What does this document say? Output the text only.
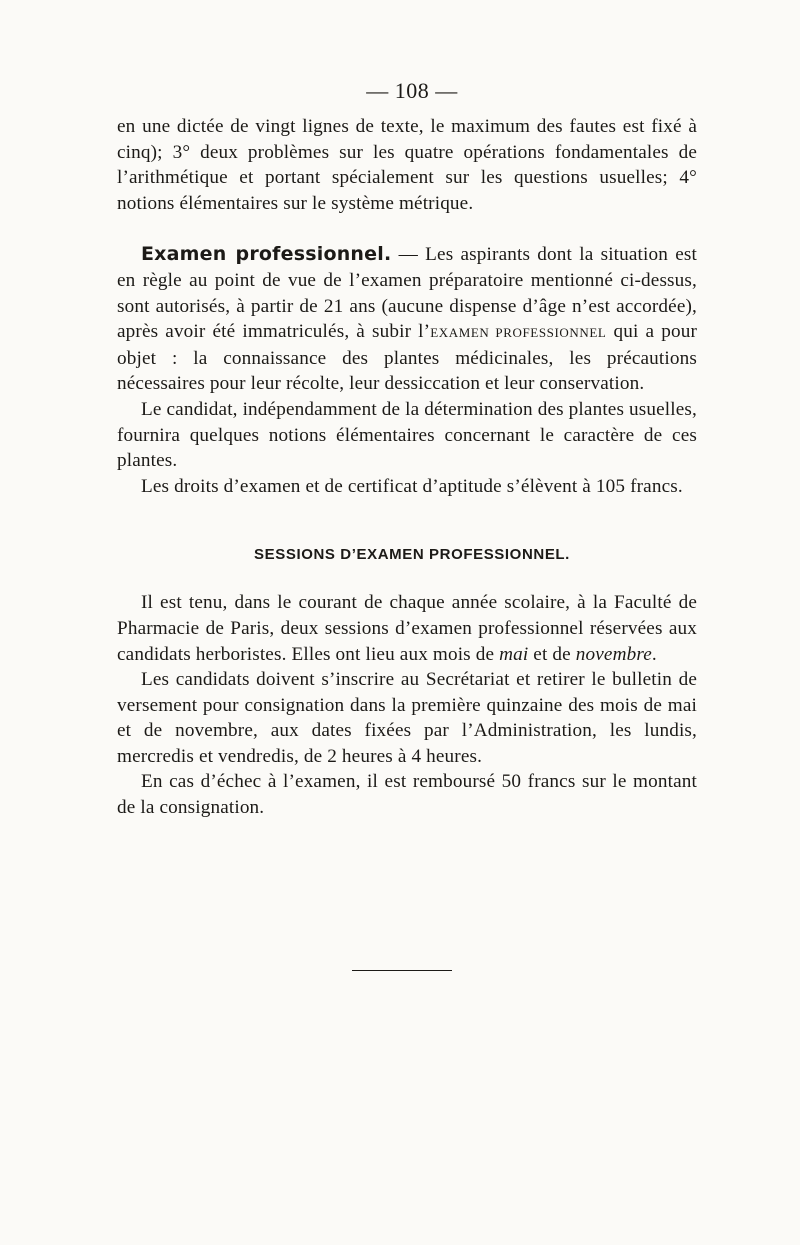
— 108 —

en une dictée de vingt lignes de texte, le maximum des fautes est fixé à cinq); 3° deux problèmes sur les quatre opérations fondamentales de l’arithmétique et portant spécialement sur les questions usuelles; 4° notions élémentaires sur le système métrique.

Examen professionnel. — Les aspirants dont la situation est en règle au point de vue de l’examen préparatoire mentionné ci-dessus, sont autorisés, à partir de 21 ans (aucune dispense d’âge n’est accordée), après avoir été immatriculés, à subir l’EXAMEN PROFESSIONNEL qui a pour objet : la connaissance des plantes médicinales, les précautions nécessaires pour leur récolte, leur dessiccation et leur conservation.

Le candidat, indépendamment de la détermination des plantes usuelles, fournira quelques notions élémentaires concernant le caractère de ces plantes.

Les droits d’examen et de certificat d’aptitude s’élèvent à 105 francs.

SESSIONS D’EXAMEN PROFESSIONNEL.

Il est tenu, dans le courant de chaque année scolaire, à la Faculté de Pharmacie de Paris, deux sessions d’examen professionnel réservées aux candidats herboristes. Elles ont lieu aux mois de mai et de novembre.

Les candidats doivent s’inscrire au Secrétariat et retirer le bulletin de versement pour consignation dans la première quinzaine des mois de mai et de novembre, aux dates fixées par l’Administration, les lundis, mercredis et vendredis, de 2 heures à 4 heures.

En cas d’échec à l’examen, il est remboursé 50 francs sur le montant de la consignation.
